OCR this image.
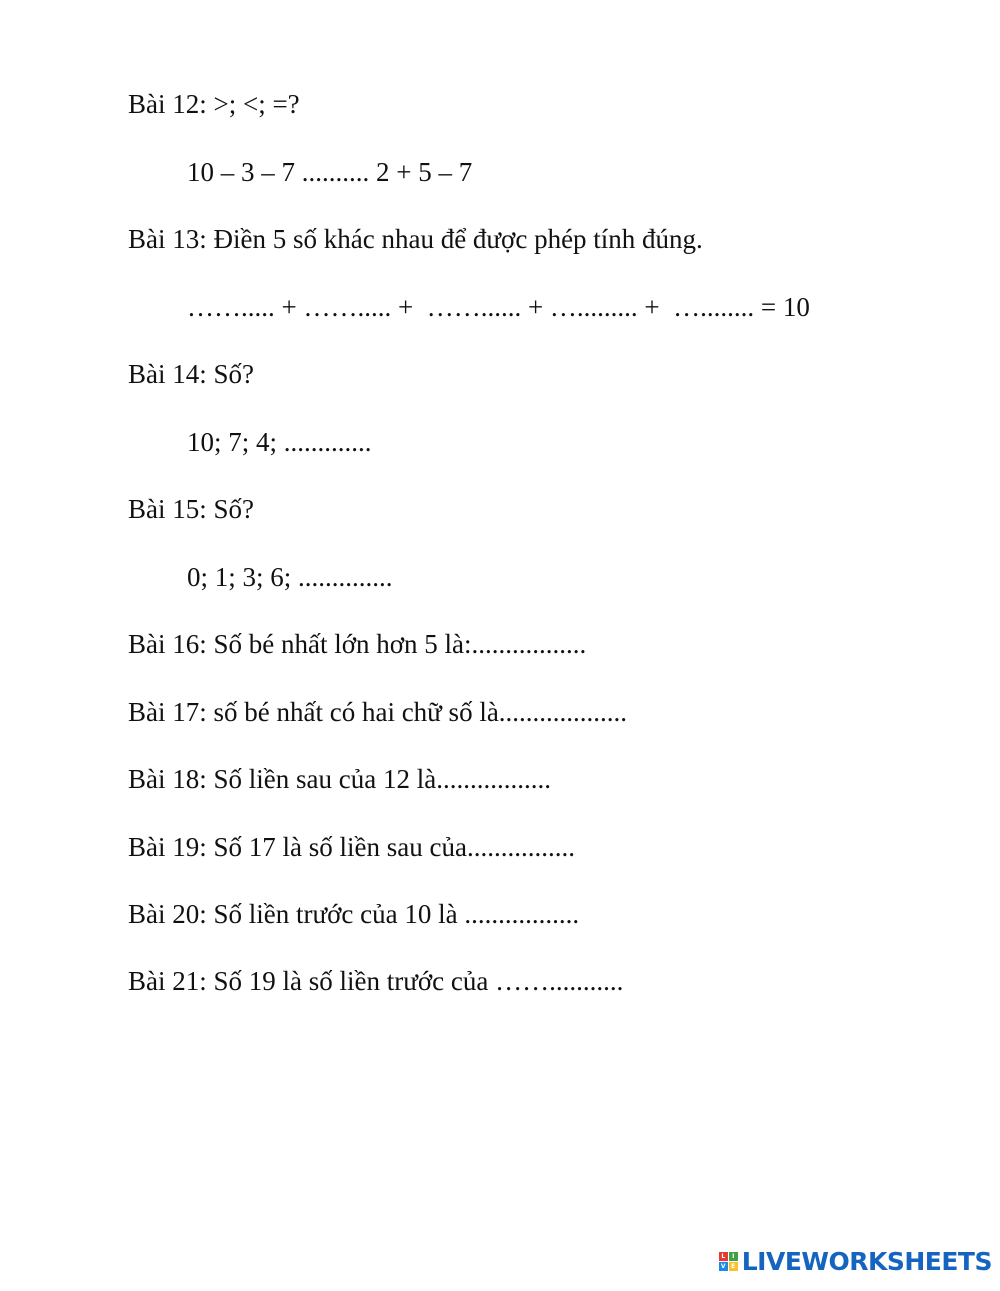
Bài 12: >; <; =?
10 – 3 – 7 .......... 2 + 5 – 7
Bài 13: Điền 5 số khác nhau để được phép tính đúng.
……..... + ……..... +  ……...... + …......... +  …........ = 10
Bài 14: Số?
10; 7; 4; .............
Bài 15: Số?
0; 1; 3; 6; ..............
Bài 16: Số bé nhất lớn hơn 5 là:.................
Bài 17: số bé nhất có hai chữ số là...................
Bài 18: Số liền sau của 12 là.................
Bài 19: Số 17 là số liền sau của................
Bài 20: Số liền trước của 10 là .................
Bài 21: Số 19 là số liền trước của ……...........
L	I
V E LIVEWORKSHEETS
